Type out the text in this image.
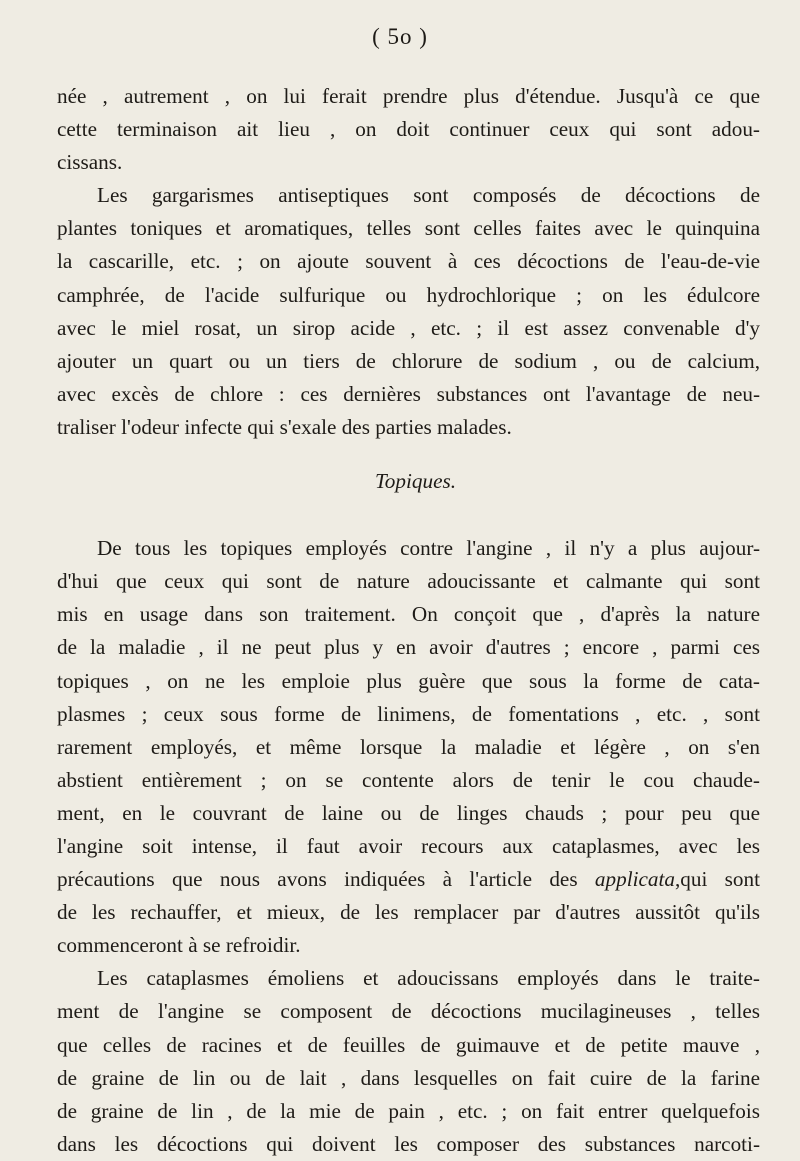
( 5o )
née , autrement , on lui ferait prendre plus d'étendue. Jusqu'à ce que
cette terminaison ait lieu , on doit continuer ceux qui sont adou-
cissans.
Les gargarismes antiseptiques sont composés de décoctions de
plantes toniques et aromatiques, telles sont celles faites avec le quinquina
la cascarille, etc. ; on ajoute souvent à ces décoctions de l'eau-de-vie
camphrée, de l'acide sulfurique ou hydrochlorique ; on les édulcore
avec le miel rosat, un sirop acide , etc. ; il est assez convenable d'y
ajouter un quart ou un tiers de chlorure de sodium , ou de calcium,
avec excès de chlore : ces dernières substances ont l'avantage de neu-
traliser l'odeur infecte qui s'exale des parties malades.
Topiques.
De tous les topiques employés contre l'angine , il n'y a plus aujour-
d'hui que ceux qui sont de nature adoucissante et calmante qui sont
mis en usage dans son traitement. On conçoit que , d'après la nature
de la maladie , il ne peut plus y en avoir d'autres ; encore , parmi ces
topiques , on ne les emploie plus guère que sous la forme de cata-
plasmes ; ceux sous forme de linimens, de fomentations , etc. , sont
rarement employés, et même lorsque la maladie et légère , on s'en
abstient entièrement ; on se contente alors de tenir le cou chaude-
ment, en le couvrant de laine ou de linges chauds ; pour peu que
l'angine soit intense, il faut avoir recours aux cataplasmes, avec les
précautions que nous avons indiquées à l'article des applicata,qui sont
de les rechauffer, et mieux, de les remplacer par d'autres aussitôt qu'ils
commenceront à se refroidir.
Les cataplasmes émoliens et adoucissans employés dans le traite-
ment de l'angine se composent de décoctions mucilagineuses , telles
que celles de racines et de feuilles de guimauve et de petite mauve ,
de graine de lin ou de lait , dans lesquelles on fait cuire de la farine
de graine de lin , de la mie de pain , etc. ; on fait entrer quelquefois
dans les décoctions qui doivent les composer des substances narcoti-
